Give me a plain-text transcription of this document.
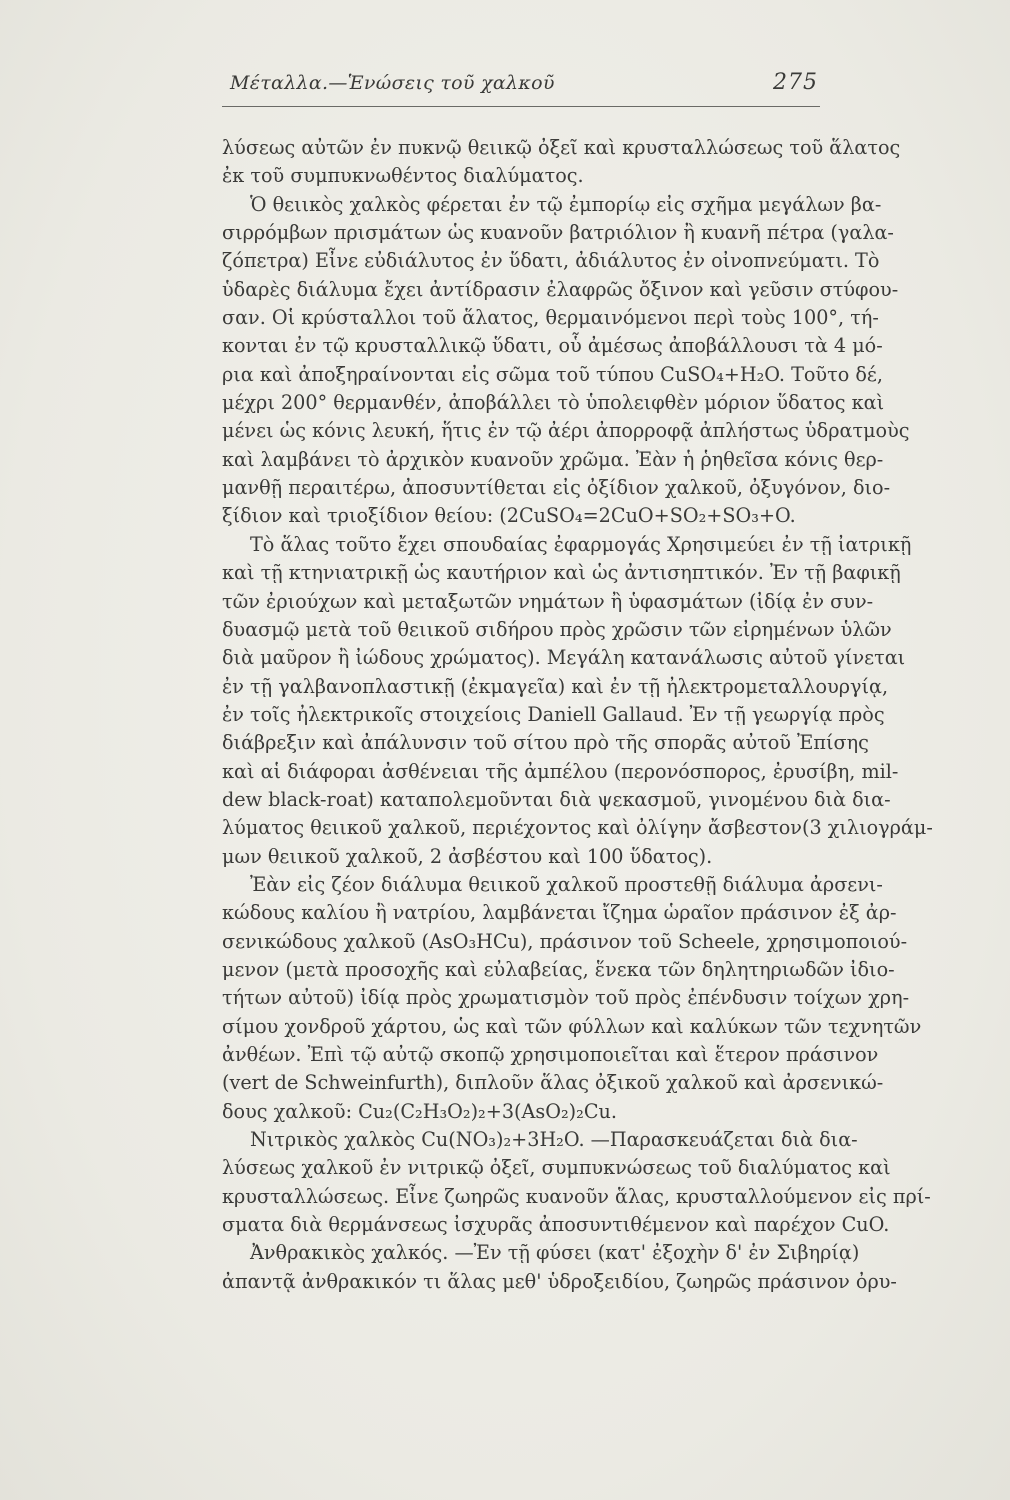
Μέταλλα.—Ἑνώσεις τοῦ χαλκοῦ	275
λύσεως αὐτῶν ἐν πυκνῷ θειικῷ ὀξεῖ καὶ κρυσταλλώσεως τοῦ ἅλατος
ἐκ τοῦ συμπυκνωθέντος διαλύματος.
Ὁ θειικὸς χαλκὸς φέρεται ἐν τῷ ἐμπορίῳ εἰς σχῆμα μεγάλων βα-
σιρρόμβων πρισμάτων ὡς κυανοῦν βατριόλιον ἢ κυανῆ πέτρα (γαλα-
ζόπετρα) Εἶνε εὐδιάλυτος ἐν ὕδατι, ἀδιάλυτος ἐν οἰνοπνεύματι. Τὸ
ὑδαρὲς διάλυμα ἔχει ἀντίδρασιν ἐλαφρῶς ὄξινον καὶ γεῦσιν στύφου-
σαν. Οἱ κρύσταλλοι τοῦ ἅλατος, θερμαινόμενοι περὶ τοὺς 100°, τή-
κονται ἐν τῷ κρυσταλλικῷ ὕδατι, οὗ ἀμέσως ἀποβάλλουσι τὰ 4 μό-
ρια καὶ ἀποξηραίνονται εἰς σῶμα τοῦ τύπου CuSO₄+H₂O. Τοῦτο δέ,
μέχρι 200° θερμανθέν, ἀποβάλλει τὸ ὑπολειφθὲν μόριον ὕδατος καὶ
μένει ὡς κόνις λευκή, ἥτις ἐν τῷ ἀέρι ἀπορροφᾷ ἀπλήστως ὑδρατμοὺς
καὶ λαμβάνει τὸ ἀρχικὸν κυανοῦν χρῶμα. Ἐὰν ἡ ῥηθεῖσα κόνις θερ-
μανθῇ περαιτέρω, ἀποσυντίθεται εἰς ὀξίδιον χαλκοῦ, ὀξυγόνον, διο-
ξίδιον καὶ τριοξίδιον θείου: (2CuSO₄=2CuO+SO₂+SO₃+O.
Τὸ ἅλας τοῦτο ἔχει σπουδαίας ἐφαρμογάς Χρησιμεύει ἐν τῇ ἰατρικῇ
καὶ τῇ κτηνιατρικῇ ὡς καυτήριον καὶ ὡς ἀντισηπτικόν. Ἐν τῇ βαφικῇ
τῶν ἐριούχων καὶ μεταξωτῶν νημάτων ἢ ὑφασμάτων (ἰδίᾳ ἐν συν-
δυασμῷ μετὰ τοῦ θειικοῦ σιδήρου πρὸς χρῶσιν τῶν εἰρημένων ὑλῶν
διὰ μαῦρον ἢ ἰώδους χρώματος). Μεγάλη κατανάλωσις αὐτοῦ γίνεται
ἐν τῇ γαλβανοπλαστικῇ (ἐκμαγεῖα) καὶ ἐν τῇ ἠλεκτρομεταλλουργίᾳ,
ἐν τοῖς ἠλεκτρικοῖς στοιχείοις Daniell Gallaud. Ἐν τῇ γεωργίᾳ πρὸς
διάβρεξιν καὶ ἀπάλυνσιν τοῦ σίτου πρὸ τῆς σπορᾶς αὐτοῦ Ἐπίσης
καὶ αἱ διάφοραι ἀσθένειαι τῆς ἀμπέλου (περονόσπορος, ἐρυσίβη, mil-
dew black-roat) καταπολεμοῦνται διὰ ψεκασμοῦ, γινομένου διὰ δια-
λύματος θειικοῦ χαλκοῦ, περιέχοντος καὶ ὀλίγην ἄσβεστον(3 χιλιογράμ-
μων θειικοῦ χαλκοῦ, 2 ἀσβέστου καὶ 100 ὕδατος).
Ἐὰν εἰς ζέον διάλυμα θειικοῦ χαλκοῦ προστεθῇ διάλυμα ἀρσενι-
κώδους καλίου ἢ νατρίου, λαμβάνεται ἴζημα ὡραῖον πράσινον ἐξ ἀρ-
σενικώδους χαλκοῦ (AsO₃HCu), πράσινον τοῦ Scheele, χρησιμοποιού-
μενον (μετὰ προσοχῆς καὶ εὐλαβείας, ἕνεκα τῶν δηλητηριωδῶν ἰδιο-
τήτων αὐτοῦ) ἰδίᾳ πρὸς χρωματισμὸν τοῦ πρὸς ἐπένδυσιν τοίχων χρη-
σίμου χονδροῦ χάρτου, ὡς καὶ τῶν φύλλων καὶ καλύκων τῶν τεχνητῶν
ἀνθέων. Ἐπὶ τῷ αὐτῷ σκοπῷ χρησιμοποιεῖται καὶ ἕτερον πράσινον
(vert de Schweinfurth), διπλοῦν ἅλας ὀξικοῦ χαλκοῦ καὶ ἀρσενικώ-
δους χαλκοῦ: Cu₂(C₂H₃O₂)₂+3(AsO₂)₂Cu.
Νιτρικὸς χαλκὸς Cu(NO₃)₂+3H₂O. —Παρασκευάζεται διὰ δια-
λύσεως χαλκοῦ ἐν νιτρικῷ ὀξεῖ, συμπυκνώσεως τοῦ διαλύματος καὶ
κρυσταλλώσεως. Εἶνε ζωηρῶς κυανοῦν ἅλας, κρυσταλλούμενον εἰς πρί-
σματα διὰ θερμάνσεως ἰσχυρᾶς ἀποσυντιθέμενον καὶ παρέχον CuO.
Ἀνθρακικὸς χαλκός. —Ἐν τῇ φύσει (κατ' ἐξοχὴν δ' ἐν Σιβηρίᾳ)
ἀπαντᾷ ἀνθρακικόν τι ἅλας μεθ' ὑδροξειδίου, ζωηρῶς πράσινον ὀρυ-
